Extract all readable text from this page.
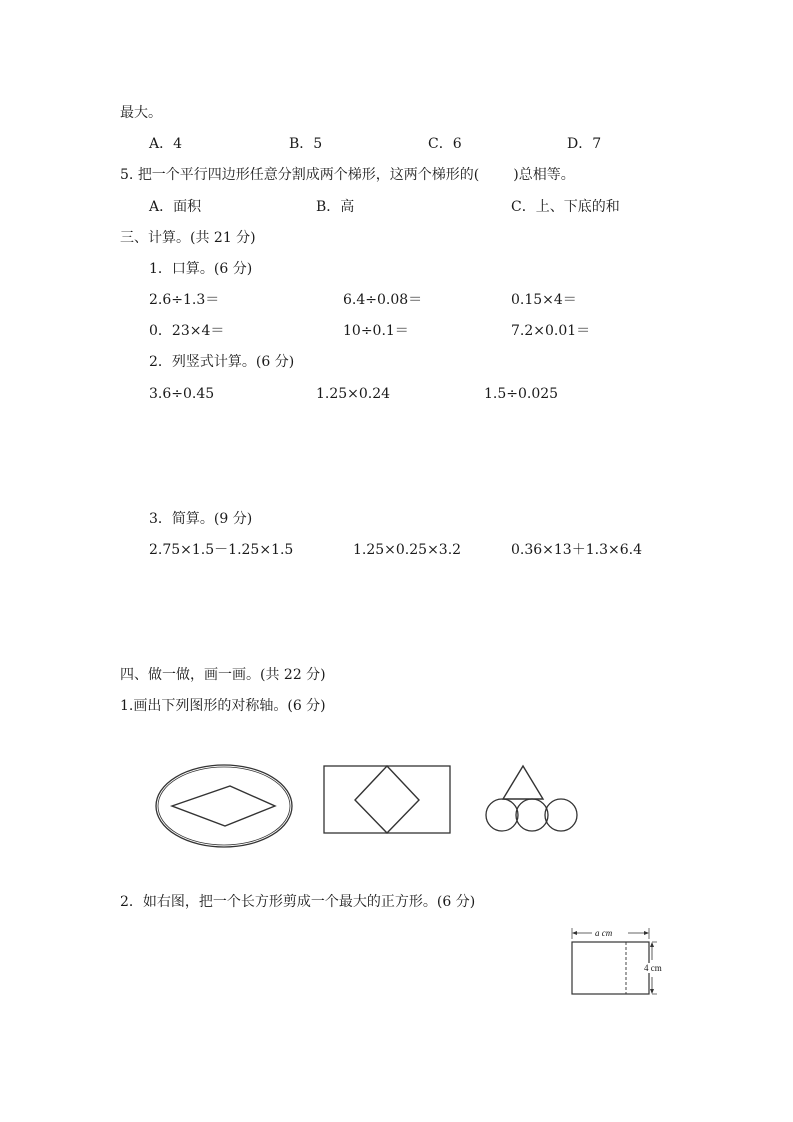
最大。
A．4	B．5	C．6	D．7
5. 把一个平行四边形任意分割成两个梯形，这两个梯形的( )总相等。
A．面积	B．高	C．上、下底的和
三、计算。(共 21 分)
1．口算。(6 分)
2.6÷1.3＝	6.4÷0.08＝	0.15×4＝
0．23×4＝	10÷0.1＝	7.2×0.01＝
2．列竖式计算。(6 分)
3.6÷0.45	1.25×0.24	1.5÷0.025
3．简算。(9 分)
2.75×1.5－1.25×1.5	1.25×0.25×3.2	0.36×13＋1.3×6.4
四、做一做，画一画。(共 22 分)
1.画出下列图形的对称轴。(6 分)
2．如右图，把一个长方形剪成一个最大的正方形。(6 分)
a cm
4 cm
